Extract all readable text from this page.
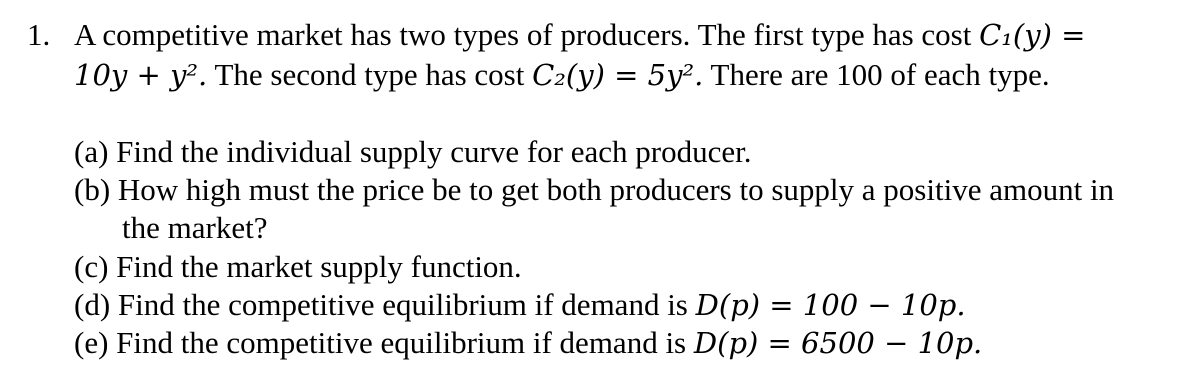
1. A competitive market has two types of producers. The first type has cost C₁(y) =
10y + y². The second type has cost C₂(y) = 5y². There are 100 of each type.
(a) Find the individual supply curve for each producer.
(b) How high must the price be to get both producers to supply a positive amount in
the market?
(c) Find the market supply function.
(d) Find the competitive equilibrium if demand is D(p) = 100 − 10p.
(e) Find the competitive equilibrium if demand is D(p) = 6500 − 10p.
